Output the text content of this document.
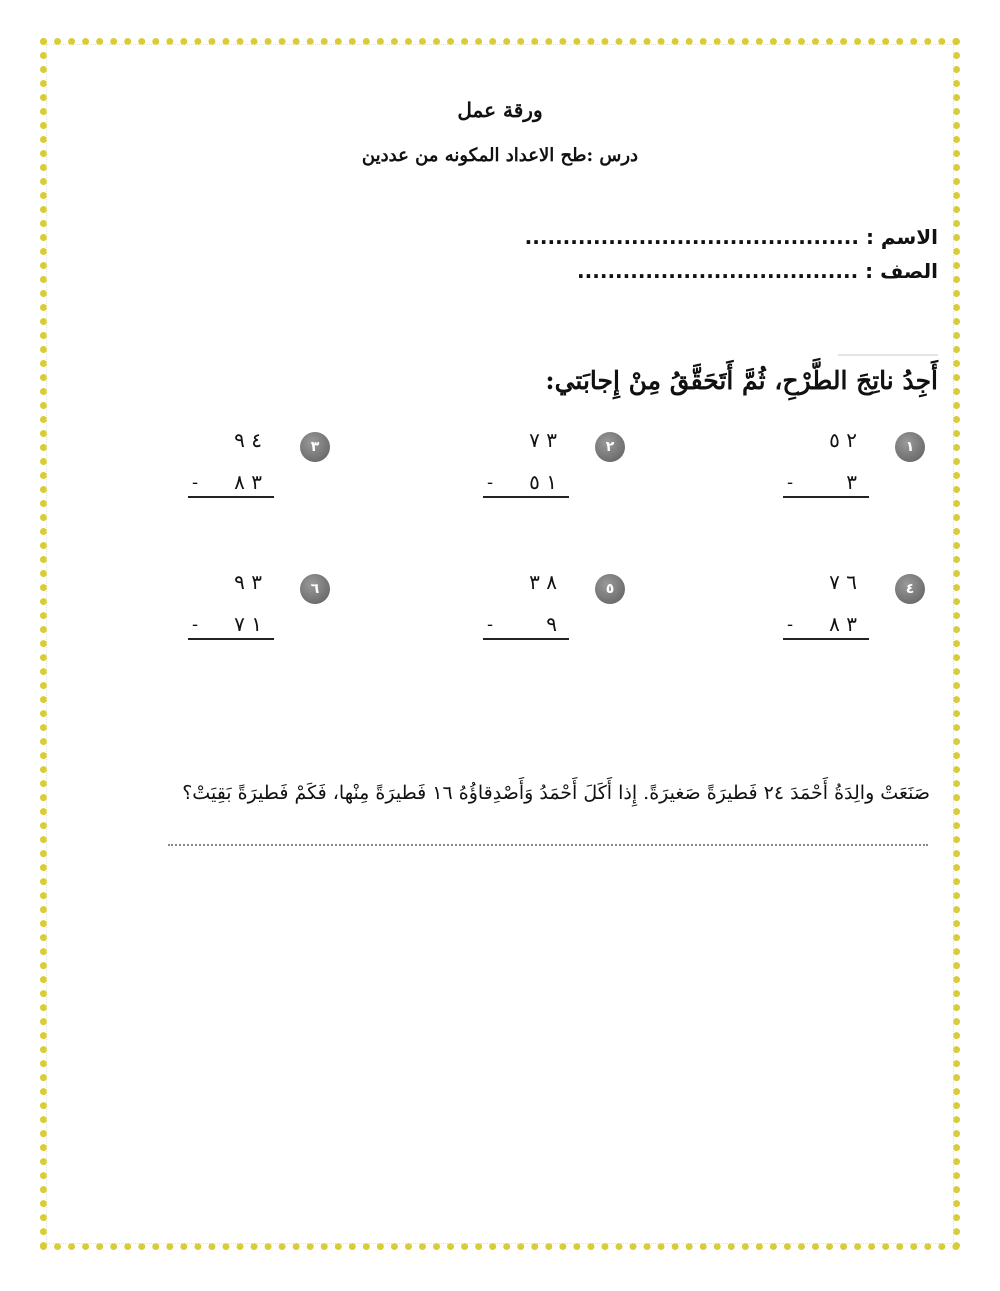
ورقة عمل
درس :طح الاعداد المكونه من عددين
الاسم : ............................................
الصف : .....................................
أَجِدُ ناتِجَ الطَّرْحِ، ثُمَّ أَتَحَقَّقُ مِنْ إِجابَتي:
١
٢ ٥
٣
-
٢
٣ ٧
١ ٥
-
٣
٤ ٩
٣ ٨
-
٤
٦ ٧
٣ ٨
-
٥
٨ ٣
٩
-
٦
٣ ٩
١ ٧
-
صَنَعَتْ والِدَةُ أَحْمَدَ ٢٤ فَطيرَةً صَغيرَةً. إِذا أَكَلَ أَحْمَدُ وَأَصْدِقاؤُهُ ١٦ فَطيرَةً مِنْها، فَكَمْ فَطيرَةً بَقِيَتْ؟
